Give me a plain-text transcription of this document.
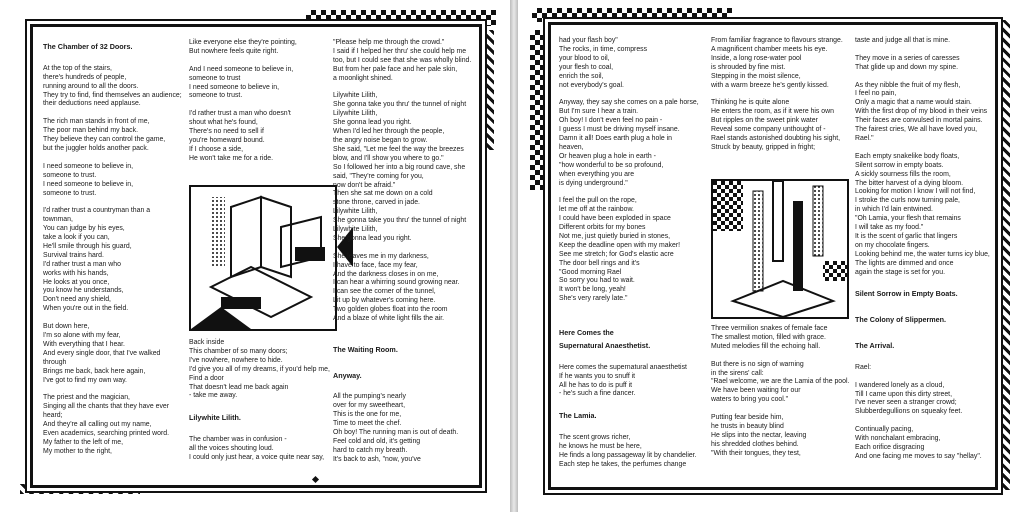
The Chamber of 32 Doors.

At the top of the stairs,
there's hundreds of people,
running around to all the doors.
They try to find, find themselves an audience;
their deductions need applause.

The rich man stands in front of me,
The poor man behind my back.
They believe they can control the game,
but the juggler holds another pack.

I need someone to believe in,
someone to trust.
I need someone to believe in,
someone to trust.

I'd rather trust a countryman than a
townman,
You can judge by his eyes,
take a look if you can,
He'll smile through his guard,
Survival trains hard.
I'd rather trust a man who
works with his hands,
He looks at you once,
you know he understands,
Don't need any shield,
When you're out in the field.

But down here,
I'm so alone with my fear,
With everything that I hear.
And every single door, that I've walked
through
Brings me back, back here again,
I've got to find my own way.

The priest and the magician,
Singing all the chants that they have ever
heard;
And they're all calling out my name,
Even academics, searching printed word.
My father to the left of me,
My mother to the right,
Like everyone else they're pointing,
But nowhere feels quite right.

And I need someone to believe in,
someone to trust
I need someone to believe in,
someone to trust.

I'd rather trust a man who doesn't
shout what he's found,
There's no need to sell if
you're homeward bound.
If I choose a side,
He won't take me for a ride.
Back inside
This chamber of so many doors;
I've nowhere, nowhere to hide.
I'd give you all of my dreams, if you'd help me,
Find a door
That doesn't lead me back again
- take me away.

Lilywhite Lilith.

The chamber was in confusion -
all the voices shouting loud.
I could only just hear, a voice quite near say,
"Please help me through the crowd."
I said if I helped her thru' she could help me
too, but I could see that she was wholly blind.
But from her pale face and her pale skin,
a moonlight shined.

Lilywhite Lilith,
She gonna take you thru' the tunnel of night
Lilywhite Lilith,
She gonna lead you right.
When I'd led her through the people,
the angry noise began to grow.
She said, "Let me feel the way the breezes
blow, and I'll show you where to go."
So I followed her into a big round cave, she
said, "They're coming for you,
now don't be afraid."
Then she sat me down on a cold
stone throne, carved in jade.
Lilywhite Lilith,
She gonna take you thru' the tunnel of night
Lilywhite Lilith,
She gonna lead you right.

She leaves me in my darkness,
I have to face, face my fear,
And the darkness closes in on me,
I can hear a whirring sound growing near.
I can see the corner of the tunnel,
Lit up by whatever's coming here.
Two golden globes float into the room
And a blaze of white light fills the air.

The Waiting Room.

Anyway.

All the pumping's nearly
over for my sweetheart,
This is the one for me,
Time to meet the chef.
Oh boy! The running man is out of death.
Feel cold and old, it's getting
hard to catch my breath.
It's back to ash, "now, you've
had your flash boy"
The rocks, in time, compress
your blood to oil,
your flesh to coal,
enrich the soil,
not everybody's goal.

Anyway, they say she comes on a pale horse,
But I'm sure I hear a train.
Oh boy! I don't even feel no pain -
I guess I must be driving myself insane.
Damn it all! Does earth plug a hole in
heaven,
Or heaven plug a hole in earth -
"how wonderful to be so profound,
when everything you are
is dying underground."

I feel the pull on the rope,
let me off at the rainbow.
I could have been exploded in space
Different orbits for my bones
Not me, just quietly buried in stones,
Keep the deadline open with my maker!
See me stretch; for God's elastic acre
The door bell rings and it's
"Good morning Rael
So sorry you had to wait.
It won't be long, yeah!
She's very rarely late."
Here Comes the
Supernatural Anaesthetist.

Here comes the supernatural anaesthetist
If he wants you to snuff it
All he has to do is puff it
- he's such a fine dancer.

The Lamia.

The scent grows richer,
he knows he must be here,
He finds a long passageway lit by chandelier.
Each step he takes, the perfumes change
From familiar fragrance to flavours strange.
A magnificent chamber meets his eye.
Inside, a long rose-water pool
is shrouded by fine mist.
Stepping in the moist silence,
with a warm breeze he's gently kissed.

Thinking he is quite alone
He enters the room, as if it were his own
But ripples on the sweet pink water
Reveal some company unthought of -
Rael stands astonished doubting his sight,
Struck by beauty, gripped in fright;
Three vermilion snakes of female face
The smallest motion, filled with grace.
Muted melodies fill the echoing hall.

But there is no sign of warning
in the sirens' call:
"Rael welcome, we are the Lamia of the pool.
We have been waiting for our
waters to bring you cool."

Putting fear beside him,
he trusts in beauty blind
He slips into the nectar, leaving
his shredded clothes behind.
"With their tongues, they test,
taste and judge all that is mine.

They move in a series of caresses
That glide up and down my spine.

As they nibble the fruit of my flesh,
I feel no pain,
Only a magic that a name would stain.
With the first drop of my blood in their veins
Their faces are convulsed in mortal pains.
The fairest cries, We all have loved you, Rael."

Each empty snakelike body floats,
Silent sorrow in empty boats.
A sickly sourness fills the room,
The bitter harvest of a dying bloom.
Looking for motion I know I will not find,
I stroke the curls now turning pale,
in which I'd lain entwined.
"Oh Lamia, your flesh that remains
I will take as my food."
It is the scent of garlic that lingers
on my chocolate fingers.
Looking behind me, the water turns icy blue,
The lights are dimmed and once
again the stage is set for you.

Silent Sorrow in Empty Boats.

The Colony of Slippermen.

The Arrival.

Rael:

I wandered lonely as a cloud,
Till I came upon this dirty street,
I've never seen a stranger crowd;
Slubberdegullions on squeaky feet.

Continually pacing,
With nonchalant embracing,
Each orifice disgracing
And one facing me moves to say "hellay".
